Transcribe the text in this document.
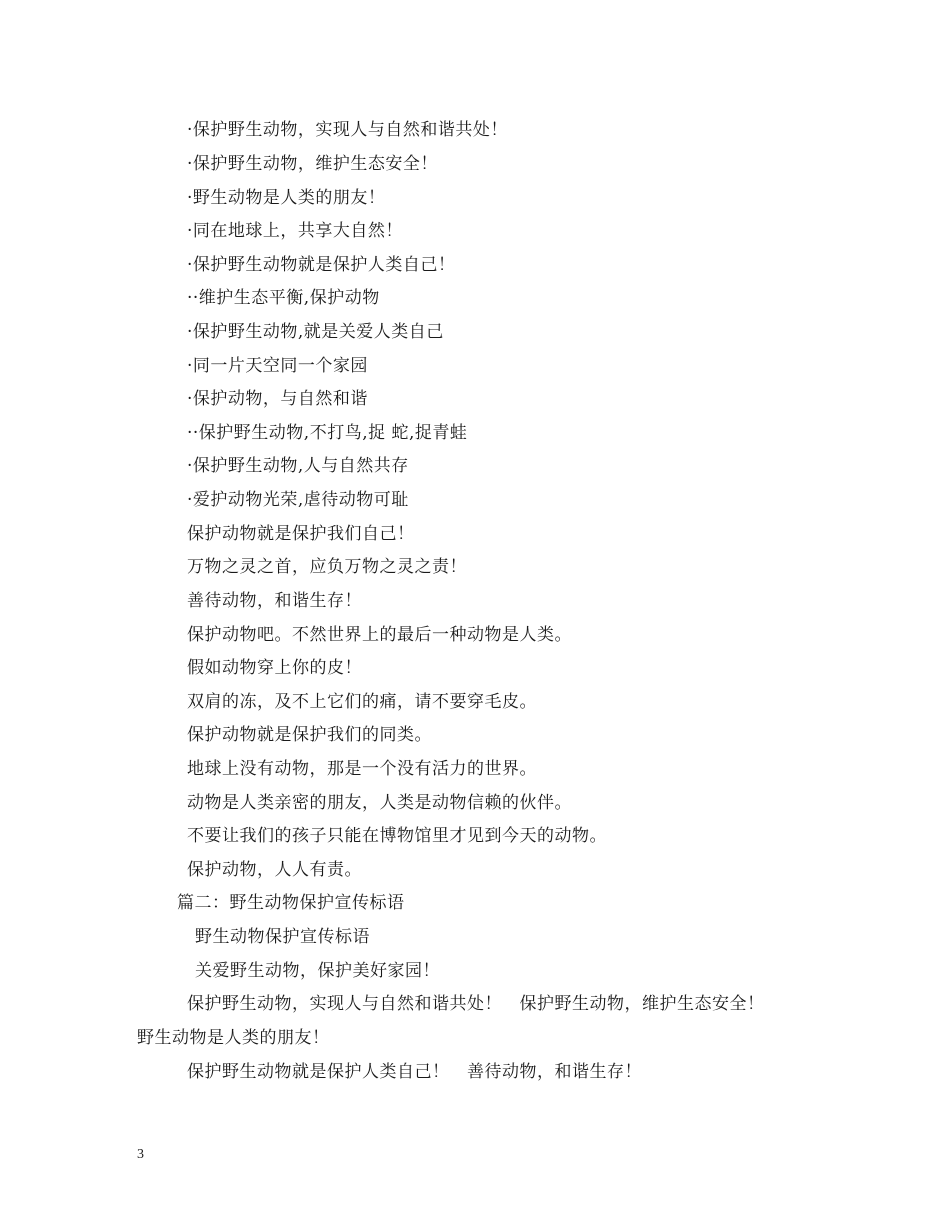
·保护野生动物，实现人与自然和谐共处！
·保护野生动物，维护生态安全！
·野生动物是人类的朋友！
·同在地球上，共享大自然！
·保护野生动物就是保护人类自己！
··维护生态平衡,保护动物
·保护野生动物,就是关爱人类自己
·同一片天空同一个家园
·保护动物，与自然和谐
··保护野生动物,不打鸟,捉 蛇,捉青蛙
·保护野生动物,人与自然共存
·爱护动物光荣,虐待动物可耻
保护动物就是保护我们自己！
万物之灵之首，应负万物之灵之责！
善待动物，和谐生存！
保护动物吧。不然世界上的最后一种动物是人类。
假如动物穿上你的皮！
双肩的冻，及不上它们的痛，请不要穿毛皮。
保护动物就是保护我们的同类。
地球上没有动物，那是一个没有活力的世界。
动物是人类亲密的朋友，人类是动物信赖的伙伴。
不要让我们的孩子只能在博物馆里才见到今天的动物。
保护动物，人人有责。
篇二：野生动物保护宣传标语
野生动物保护宣传标语
关爱野生动物，保护美好家园！
保护野生动物，实现人与自然和谐共处！　保护野生动物，维护生态安全！
野生动物是人类的朋友！
保护野生动物就是保护人类自己！　善待动物，和谐生存！
3
